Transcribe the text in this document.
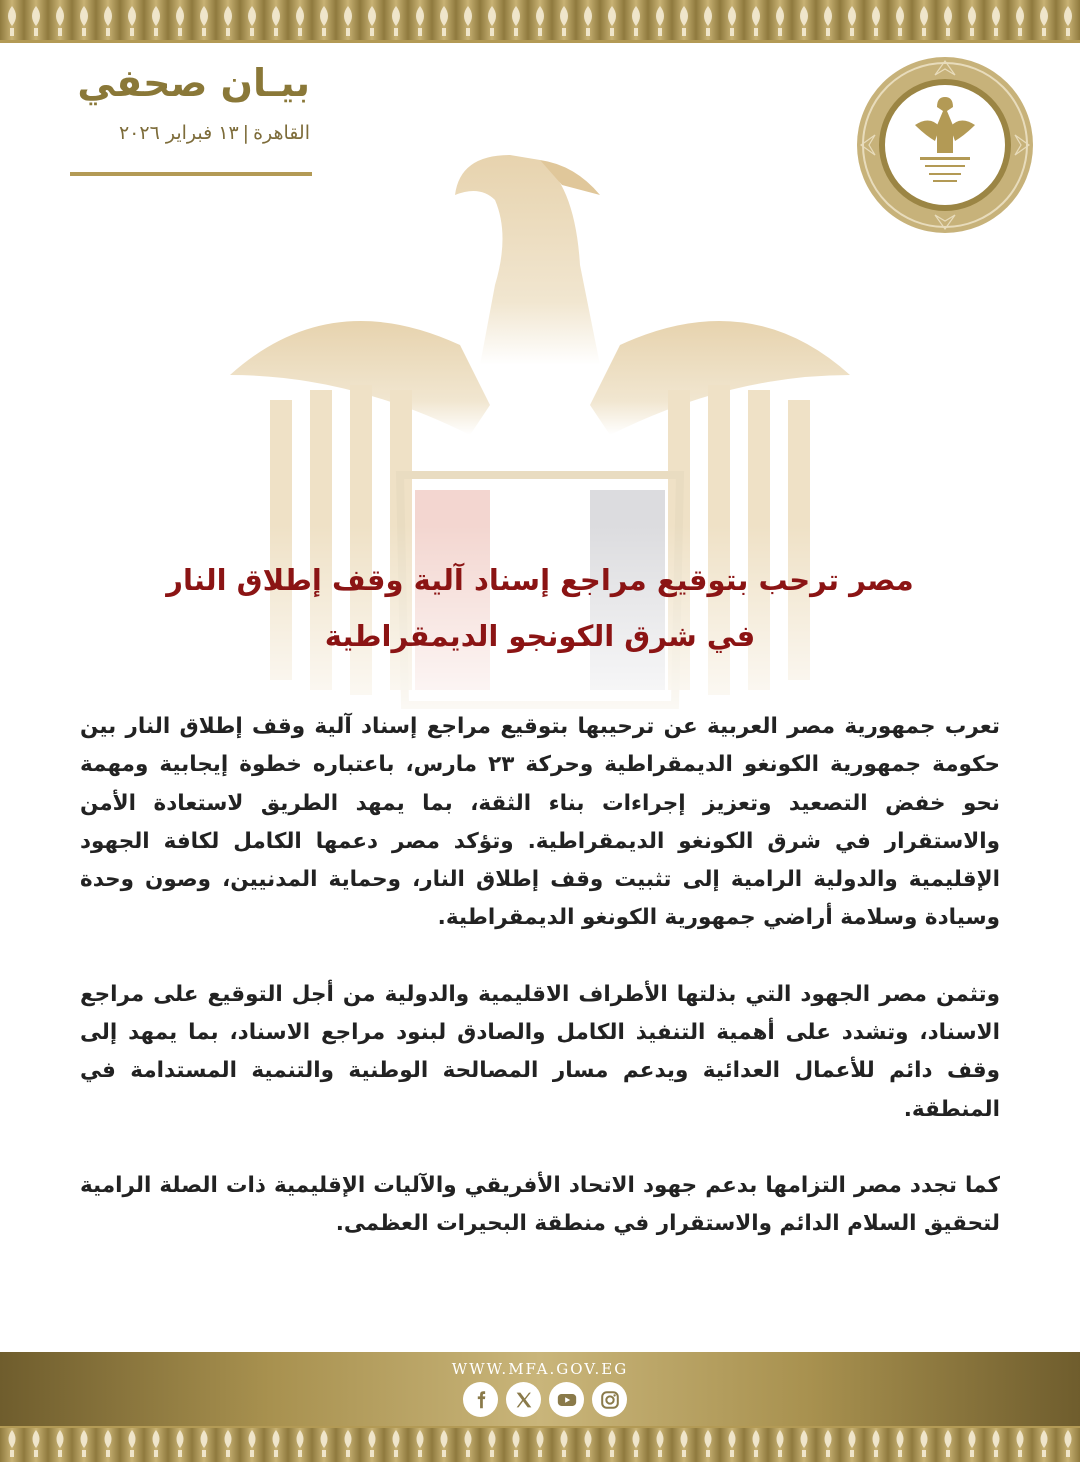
بيـان صحفي
القاهرة|١٣ فبراير ٢٠٢٦
مصر ترحب بتوقيع مراجع إسناد آلية وقف إطلاق النار
في شرق الكونجو الديمقراطية

تعرب جمهورية مصر العربية عن ترحيبها بتوقيع مراجع إسناد آلية وقف إطلاق النار بين حكومة جمهورية الكونغو الديمقراطية وحركة ٢٣ مارس، باعتباره خطوة إيجابية ومهمة نحو خفض التصعيد وتعزيز إجراءات بناء الثقة، بما يمهد الطريق لاستعادة الأمن والاستقرار في شرق الكونغو الديمقراطية. وتؤكد مصر دعمها الكامل لكافة الجهود الإقليمية والدولية الرامية إلى تثبيت وقف إطلاق النار، وحماية المدنيين، وصون وحدة وسيادة وسلامة أراضي جمهورية الكونغو الديمقراطية.

وتثمن مصر الجهود التي بذلتها الأطراف الاقليمية والدولية من أجل التوقيع على مراجع الاسناد، وتشدد على أهمية التنفيذ الكامل والصادق لبنود مراجع الاسناد، بما يمهد إلى وقف دائم للأعمال العدائية ويدعم مسار المصالحة الوطنية والتنمية المستدامة في المنطقة.

كما تجدد مصر التزامها بدعم جهود الاتحاد الأفريقي والآليات الإقليمية ذات الصلة الرامية لتحقيق السلام الدائم والاستقرار في منطقة البحيرات العظمى.

WWW.MFA.GOV.EG
